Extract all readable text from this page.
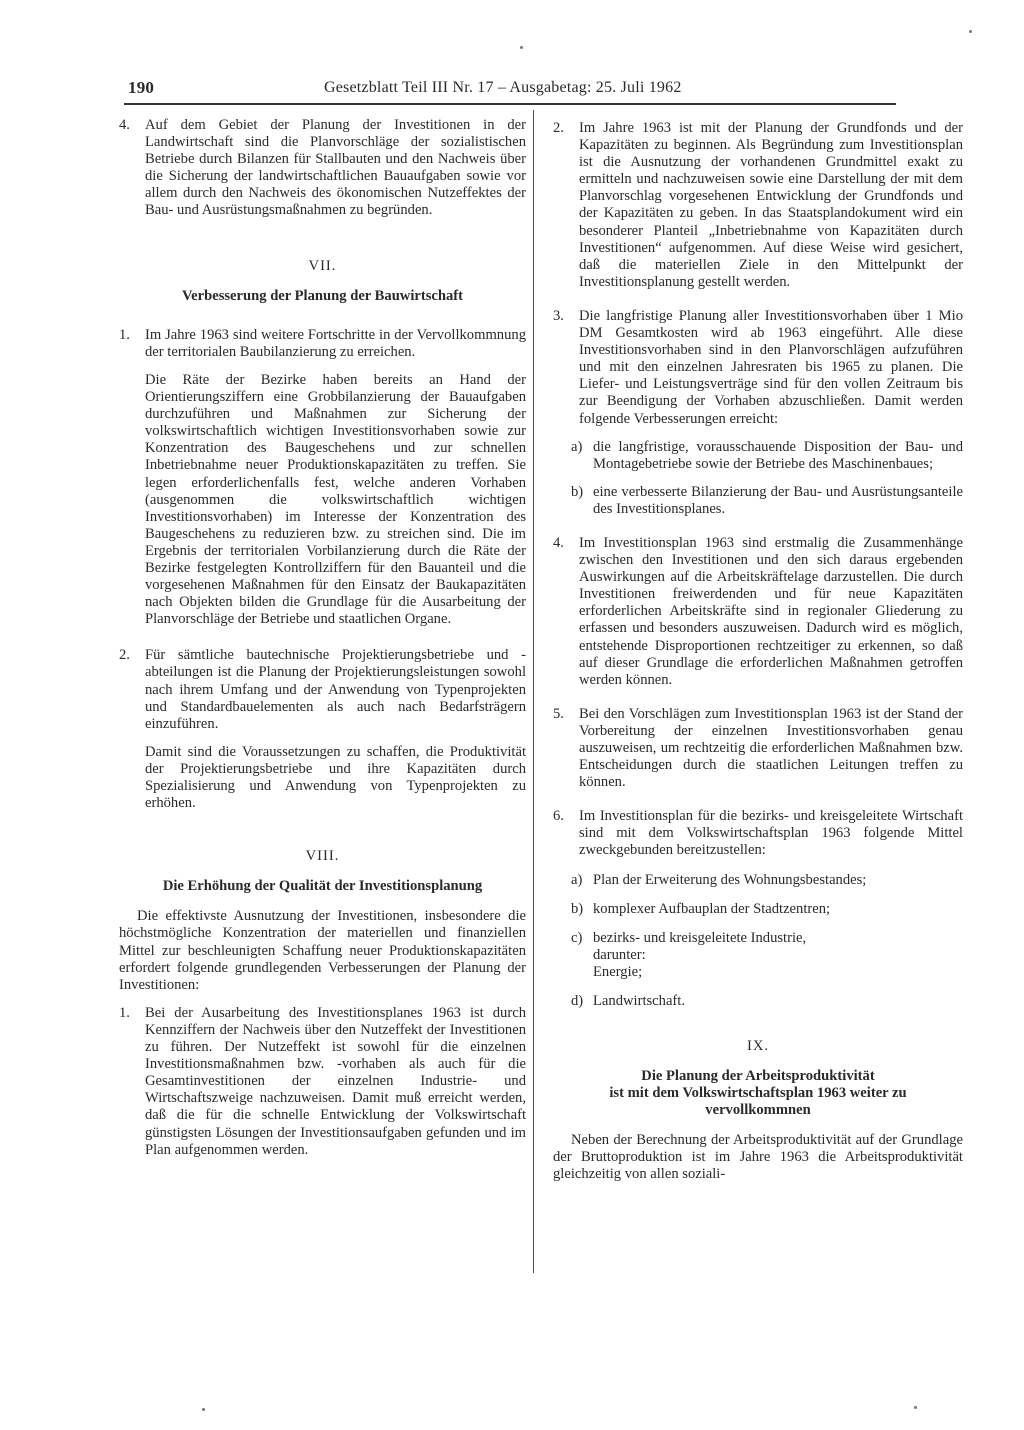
190	Gesetzblatt Teil III Nr. 17 – Ausgabetag: 25. Juli 1962
4.	Auf dem Gebiet der Planung der Investitionen in der Landwirtschaft sind die Planvorschläge der sozialistischen Betriebe durch Bilanzen für Stallbauten und den Nachweis über die Sicherung der landwirtschaftlichen Bauaufgaben sowie vor allem durch den Nachweis des ökonomischen Nutzeffektes der Bau- und Ausrüstungsmaßnahmen zu begründen.
VII.
Verbesserung der Planung der Bauwirtschaft
1.	Im Jahre 1963 sind weitere Fortschritte in der Vervollkommnung der territorialen Baubilanzierung zu erreichen.

Die Räte der Bezirke haben bereits an Hand der Orientierungsziffern eine Grobbilanzierung der Bauaufgaben durchzuführen und Maßnahmen zur Sicherung der volkswirtschaftlich wichtigen Investitionsvorhaben sowie zur Konzentration des Baugeschehens und zur schnellen Inbetriebnahme neuer Produktionskapazitäten zu treffen. Sie legen erforderlichenfalls fest, welche anderen Vorhaben (ausgenommen die volkswirtschaftlich wichtigen Investitionsvorhaben) im Interesse der Konzentration des Baugeschehens zu reduzieren bzw. zu streichen sind. Die im Ergebnis der territorialen Vorbilanzierung durch die Räte der Bezirke festgelegten Kontrollziffern für den Bauanteil und die vorgesehenen Maßnahmen für den Einsatz der Baukapazitäten nach Objekten bilden die Grundlage für die Ausarbeitung der Planvorschläge der Betriebe und staatlichen Organe.

2.	Für sämtliche bautechnische Projektierungsbetriebe und -abteilungen ist die Planung der Projektierungsleistungen sowohl nach ihrem Umfang und der Anwendung von Typenprojekten und Standardbauelementen als auch nach Bedarfsträgern einzuführen.

Damit sind die Voraussetzungen zu schaffen, die Produktivität der Projektierungsbetriebe und ihre Kapazitäten durch Spezialisierung und Anwendung von Typenprojekten zu erhöhen.

VIII.
Die Erhöhung der Qualität der Investitionsplanung

Die effektivste Ausnutzung der Investitionen, insbesondere die höchstmögliche Konzentration der materiellen und finanziellen Mittel zur beschleunigten Schaffung neuer Produktionskapazitäten erfordert folgende grundlegenden Verbesserungen der Planung der Investitionen:

1.	Bei der Ausarbeitung des Investitionsplanes 1963 ist durch Kennziffern der Nachweis über den Nutzeffekt der Investitionen zu führen. Der Nutzeffekt ist sowohl für die einzelnen Investitionsmaßnahmen bzw. -vorhaben als auch für die Gesamtinvestitionen der einzelnen Industrie- und Wirtschaftszweige nachzuweisen. Damit muß erreicht werden, daß die für die schnelle Entwicklung der Volkswirtschaft günstigsten Lösungen der Investitionsaufgaben gefunden und im Plan aufgenommen werden.
2.	Im Jahre 1963 ist mit der Planung der Grundfonds und der Kapazitäten zu beginnen. Als Begründung zum Investitionsplan ist die Ausnutzung der vorhandenen Grundmittel exakt zu ermitteln und nachzuweisen sowie eine Darstellung der mit dem Planvorschlag vorgesehenen Entwicklung der Grundfonds und der Kapazitäten zu geben. In das Staatsplandokument wird ein besonderer Planteil „Inbetriebnahme von Kapazitäten durch Investitionen“ aufgenommen. Auf diese Weise wird gesichert, daß die materiellen Ziele in den Mittelpunkt der Investitionsplanung gestellt werden.
3.	Die langfristige Planung aller Investitionsvorhaben über 1 Mio DM Gesamtkosten wird ab 1963 eingeführt. Alle diese Investitionsvorhaben sind in den Planvorschlägen aufzuführen und mit den einzelnen Jahresraten bis 1965 zu planen. Die Liefer- und Leistungsverträge sind für den vollen Zeitraum bis zur Beendigung der Vorhaben abzuschließen. Damit werden folgende Verbesserungen erreicht:
a) die langfristige, vorausschauende Disposition der Bau- und Montagebetriebe sowie der Betriebe des Maschinenbaues;
b) eine verbesserte Bilanzierung der Bau- und Ausrüstungsanteile des Investitionsplanes.
4.	Im Investitionsplan 1963 sind erstmalig die Zusammenhänge zwischen den Investitionen und den sich daraus ergebenden Auswirkungen auf die Arbeitskräftelage darzustellen. Die durch Investitionen freiwerdenden und für neue Kapazitäten erforderlichen Arbeitskräfte sind in regionaler Gliederung zu erfassen und besonders auszuweisen. Dadurch wird es möglich, entstehende Disproportionen rechtzeitiger zu erkennen, so daß auf dieser Grundlage die erforderlichen Maßnahmen getroffen werden können.
5.	Bei den Vorschlägen zum Investitionsplan 1963 ist der Stand der Vorbereitung der einzelnen Investitionsvorhaben genau auszuweisen, um rechtzeitig die erforderlichen Maßnahmen bzw. Entscheidungen durch die staatlichen Leitungen treffen zu können.
6.	Im Investitionsplan für die bezirks- und kreisgeleitete Wirtschaft sind mit dem Volkswirtschaftsplan 1963 folgende Mittel zweckgebunden bereitzustellen:
a) Plan der Erweiterung des Wohnungsbestandes;
b) komplexer Aufbauplan der Stadtzentren;
c) bezirks- und kreisgeleitete Industrie,
darunter:
Energie;
d) Landwirtschaft.
IX.
Die Planung der Arbeitsproduktivität
ist mit dem Volkswirtschaftsplan 1963 weiter zu
vervollkommnen

Neben der Berechnung der Arbeitsproduktivität auf der Grundlage der Bruttoproduktion ist im Jahre 1963 die Arbeitsproduktivität gleichzeitig von allen soziali-
